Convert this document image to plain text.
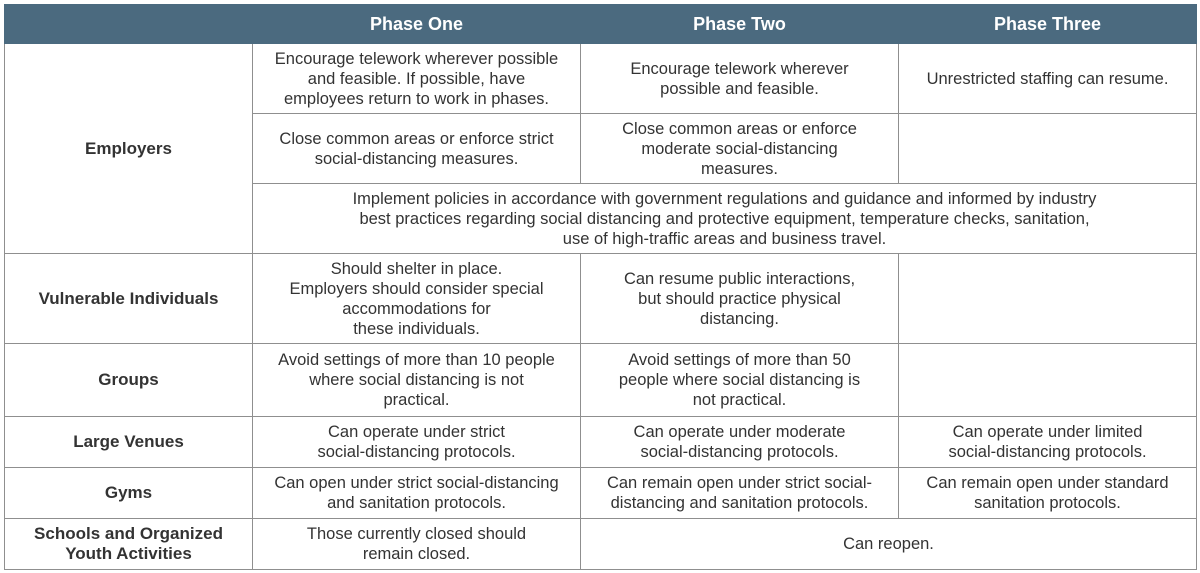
	Phase One	Phase Two	Phase Three
Employers	Encourage telework wherever possible
and feasible. If possible, have
employees return to work in phases.	Encourage telework wherever
possible and feasible.	Unrestricted staffing can resume.
	Close common areas or enforce strict
social-distancing measures.	Close common areas or enforce
moderate social-distancing
measures.	
	Implement policies in accordance with government regulations and guidance and informed by industry
best practices regarding social distancing and protective equipment, temperature checks, sanitation,
use of high-traffic areas and business travel.		
Vulnerable Individuals	Should shelter in place.
Employers should consider special
accommodations for
these individuals.	Can resume public interactions,
but should practice physical
distancing.	
Groups	Avoid settings of more than 10 people
where social distancing is not
practical.	Avoid settings of more than 50
people where social distancing is
not practical.	
Large Venues	Can operate under strict
social-distancing protocols.	Can operate under moderate
social-distancing protocols.	Can operate under limited
social-distancing protocols.
Gyms	Can open under strict social-distancing
and sanitation protocols.	Can remain open under strict social-
distancing and sanitation protocols.	Can remain open under standard
sanitation protocols.
Schools and Organized
Youth Activities	Those currently closed should
remain closed.	Can reopen.	
